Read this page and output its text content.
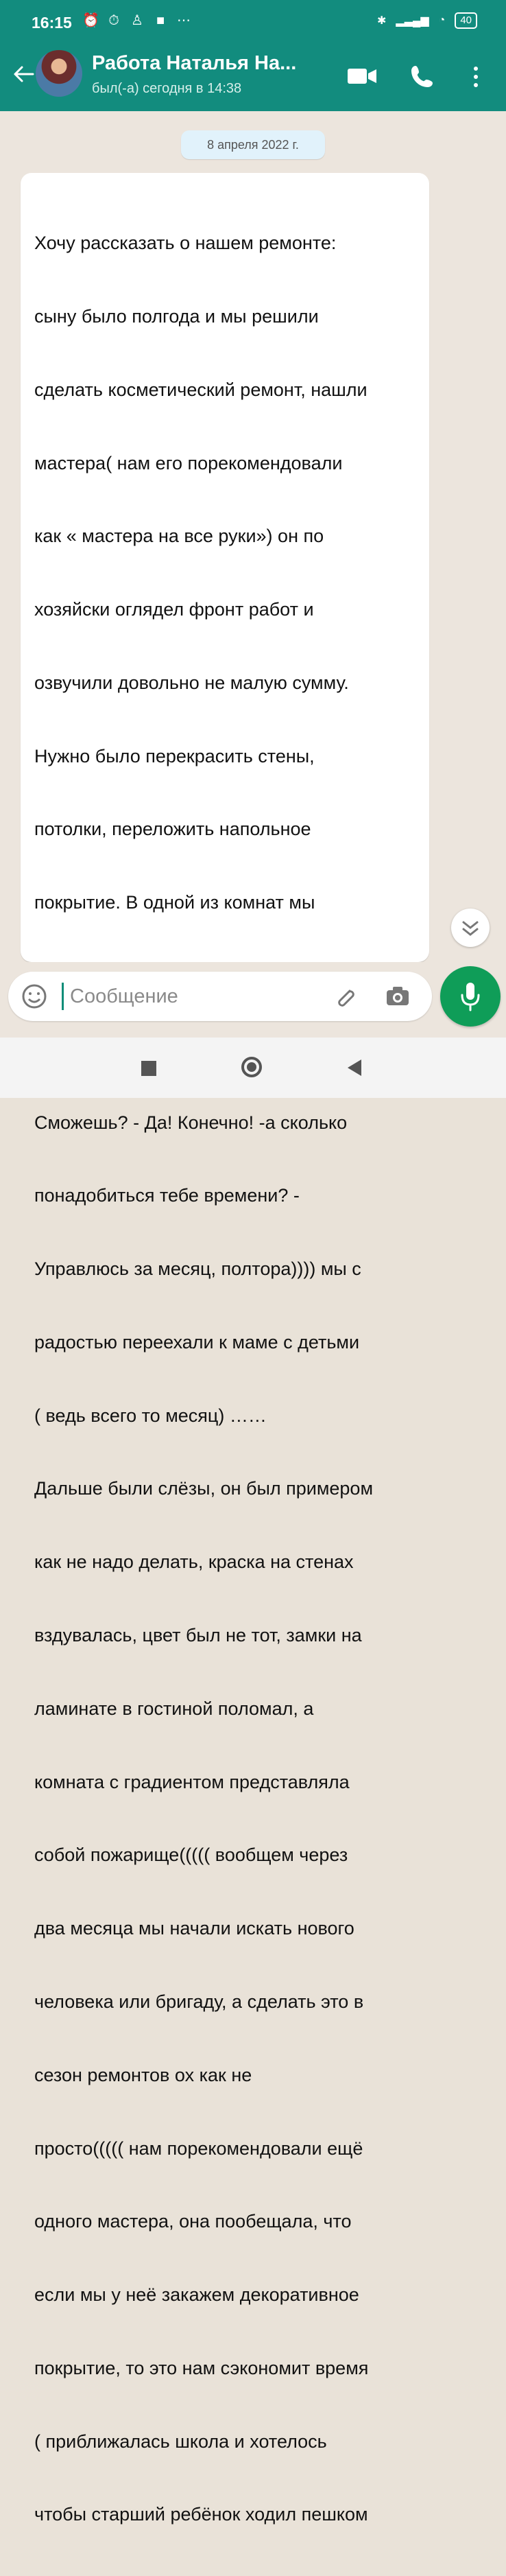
16:15 ⏰ ⏱ ♙ ■ ⋯	✱ ▂▃▄▆ ◔	40
Работа Наталья На...
был(-а) сегодня в 14:38
8 апреля 2022 г.

Хочу рассказать о нашем ремонте:

сыну было полгода и мы решили

сделать косметический ремонт, нашли

мастера( нам его порекомендовали

как « мастера на все руки») он по

хозяйски оглядел фронт работ и

озвучили довольно не малую сумму.

Нужно было перекрасить стены,

потолки, переложить напольное

покрытие. В одной из комнат мы

Сможешь? - Да! Конечно! -а сколько

понадобиться тебе времени? -

Управлюсь за месяц, полтора)))) мы с

радостью переехали к маме с детьми

( ведь всего то месяц) ……

Дальше были слёзы, он был примером

как не надо делать, краска на стенах

вздувалась, цвет был не тот, замки на

ламинате в гостиной поломал, а

комната с градиентом представляла

собой пожарище((((( вообщем через

два месяца мы начали искать нового

человека или бригаду, а сделать это в

сезон ремонтов ох как не

просто((((( нам порекомендовали ещё

одного мастера, она пообещала, что

если мы у неё закажем декоративное

покрытие, то это нам сэкономит время

( приближалась школа и хотелось

чтобы старший ребёнок ходил пешком

Сообщение
